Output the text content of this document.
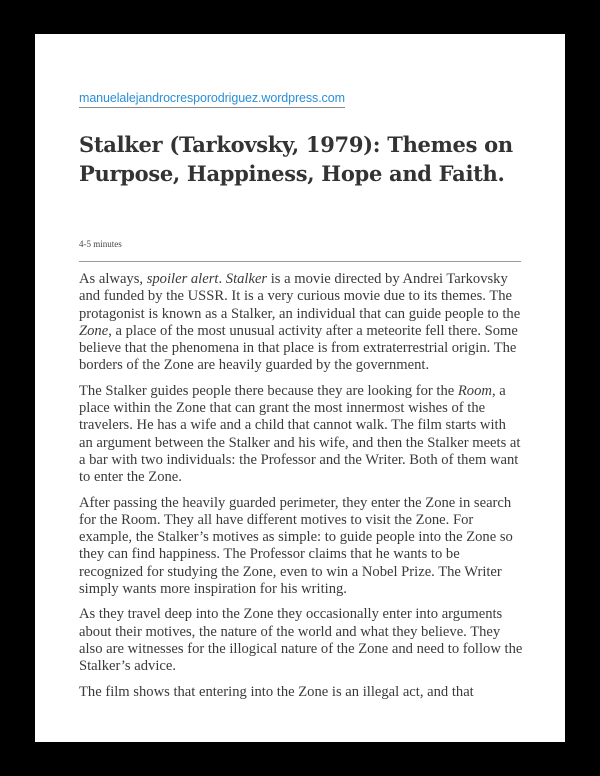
manuelalejandrocresporodriguez.wordpress.com
Stalker (Tarkovsky, 1979): Themes on Purpose, Happiness, Hope and Faith.
4-5 minutes

As always, spoiler alert. Stalker is a movie directed by Andrei Tarkovsky and funded by the USSR. It is a very curious movie due to its themes. The protagonist is known as a Stalker, an individual that can guide people to the Zone, a place of the most unusual activity after a meteorite fell there. Some believe that the phenomena in that place is from extraterrestrial origin. The borders of the Zone are heavily guarded by the government.

The Stalker guides people there because they are looking for the Room, a place within the Zone that can grant the most innermost wishes of the travelers. He has a wife and a child that cannot walk. The film starts with an argument between the Stalker and his wife, and then the Stalker meets at a bar with two individuals: the Professor and the Writer. Both of them want to enter the Zone.

After passing the heavily guarded perimeter, they enter the Zone in search for the Room. They all have different motives to visit the Zone. For example, the Stalker’s motives as simple: to guide people into the Zone so they can find happiness. The Professor claims that he wants to be recognized for studying the Zone, even to win a Nobel Prize. The Writer simply wants more inspiration for his writing.

As they travel deep into the Zone they occasionally enter into arguments about their motives, the nature of the world and what they believe. They also are witnesses for the illogical nature of the Zone and need to follow the Stalker’s advice.

The film shows that entering into the Zone is an illegal act, and that
